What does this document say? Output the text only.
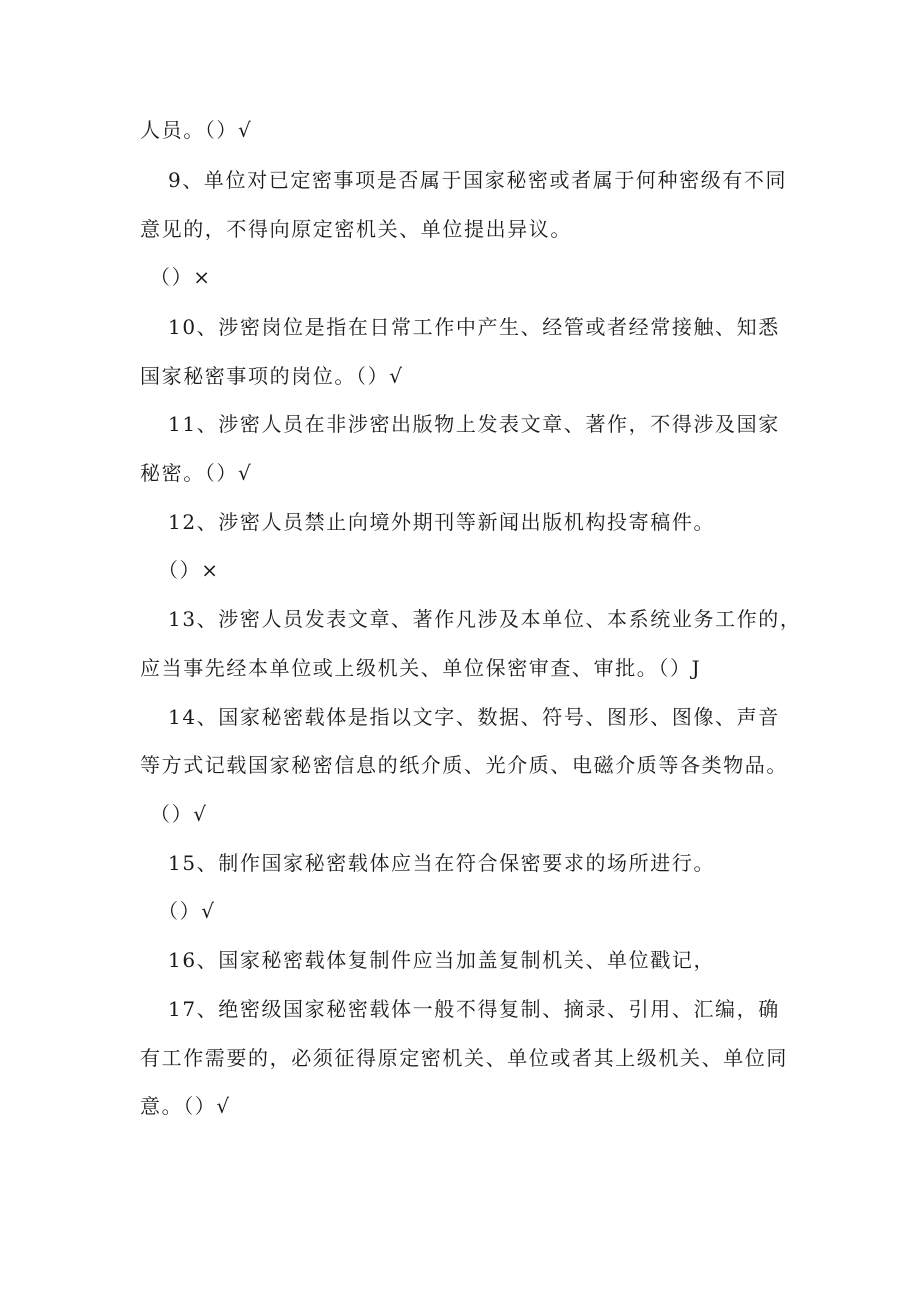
人员。（）√
9、单位对已定密事项是否属于国家秘密或者属于何种密级有不同
意见的，不得向原定密机关、单位提出异议。
（）×
10、涉密岗位是指在日常工作中产生、经管或者经常接触、知悉
国家秘密事项的岗位。（）√
11、涉密人员在非涉密出版物上发表文章、著作，不得涉及国家
秘密。（）√
12、涉密人员禁止向境外期刊等新闻出版机构投寄稿件。
（）×
13、涉密人员发表文章、著作凡涉及本单位、本系统业务工作的，
应当事先经本单位或上级机关、单位保密审查、审批。（）J
14、国家秘密载体是指以文字、数据、符号、图形、图像、声音
等方式记载国家秘密信息的纸介质、光介质、电磁介质等各类物品。
（）√
15、制作国家秘密载体应当在符合保密要求的场所进行。
（）√
16、国家秘密载体复制件应当加盖复制机关、单位戳记，
17、绝密级国家秘密载体一般不得复制、摘录、引用、汇编，确
有工作需要的，必须征得原定密机关、单位或者其上级机关、单位同
意。（）√
